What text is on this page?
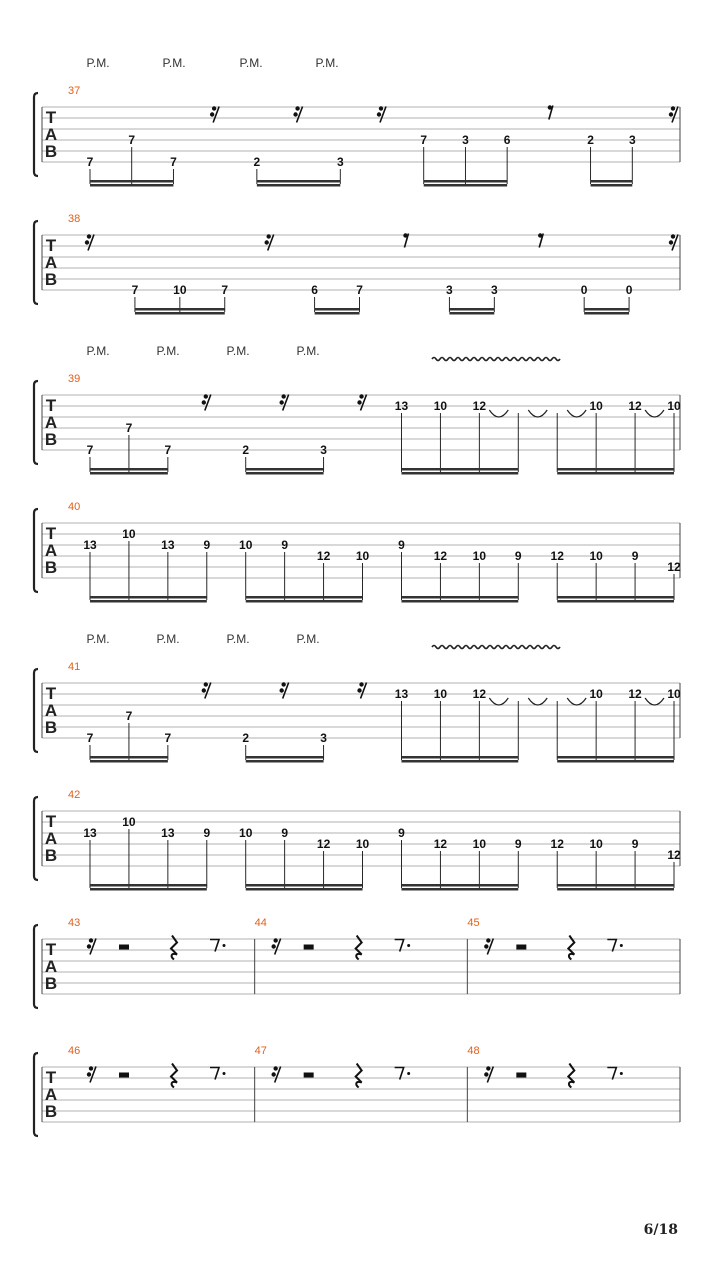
T
A
B
P.M.	P.M.	P.M.	P.M.
37
7
7
7	2	3
7	3	6	2	3
T
A
B
38
7	10	7	6	7	3	3	0	0
T
A
B
P.M.	P.M.	P.M.	P.M.
39
7
7
7	2	3
13 10 12	10 12 10
T
A
B
40
13
10
13 9 10 9
12 10
9
12 10 9 12 10 9
12
T
A
B
P.M.	P.M.	P.M.	P.M.
41
7
7
7	2	3
13 10 12	10 12 10
T
A
B
42
13
10
13 9 10 9
12 10
9
12 10 9 12 10 9
12
T
A
B
43	44	45
T
A
B
46	47	48
6/18
